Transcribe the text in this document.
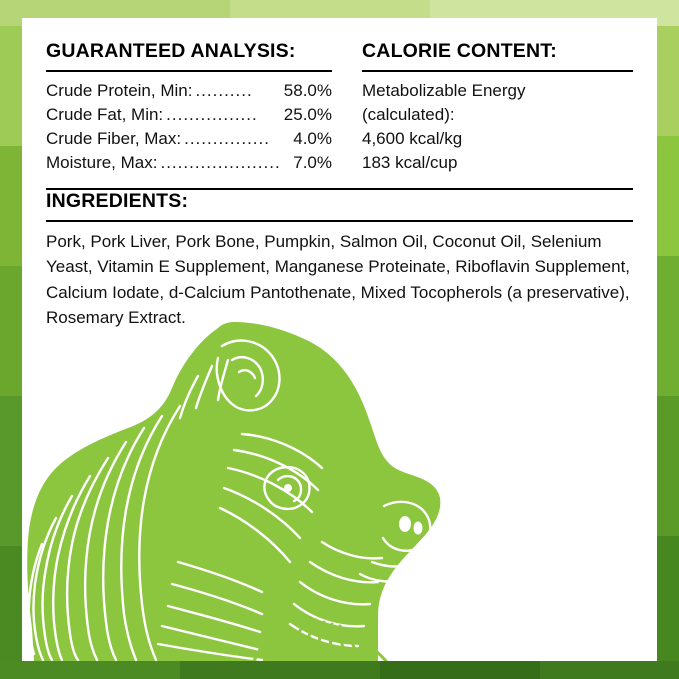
GUARANTEED ANALYSIS:
Crude Protein, Min: ..........	58.0%
Crude Fat, Min: ................	25.0%
Crude Fiber, Max: ...............	4.0%
Moisture, Max: ..................... 7.0%
CALORIE CONTENT:
Metabolizable Energy
(calculated):
4,600 kcal/kg
183 kcal/cup
INGREDIENTS:
Pork, Pork Liver, Pork Bone, Pumpkin, Salmon Oil, Coconut Oil, Selenium Yeast, Vitamin E Supplement, Manganese Proteinate, Riboflavin Supplement, Calcium Iodate, d-Calcium Pantothenate, Mixed Tocopherols (a preservative), Rosemary Extract.
